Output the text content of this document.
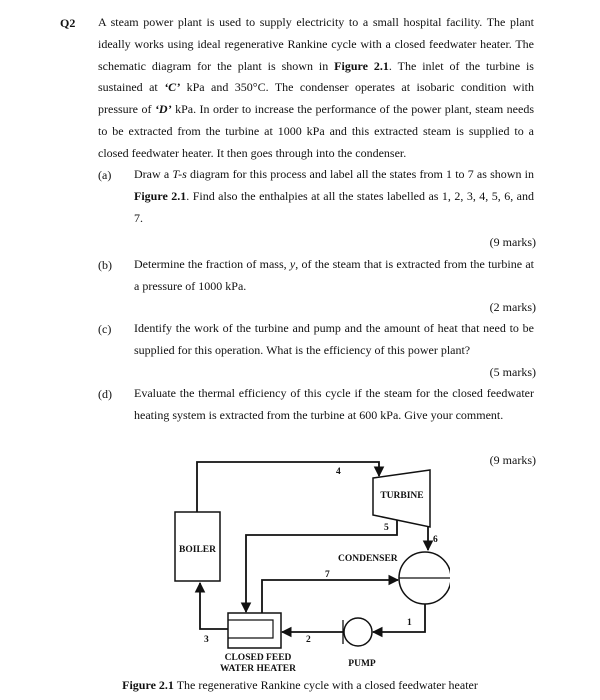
Q2 A steam power plant is used to supply electricity to a small hospital facility. The plant ideally works using ideal regenerative Rankine cycle with a closed feedwater heater. The schematic diagram for the plant is shown in Figure 2.1. The inlet of the turbine is sustained at ‘C’ kPa and 350°C. The condenser operates at isobaric condition with pressure of ‘D’ kPa. In order to increase the performance of the power plant, steam needs to be extracted from the turbine at 1000 kPa and this extracted steam is supplied to a closed feedwater heater. It then goes through into the condenser.
(a) Draw a T-s diagram for this process and label all the states from 1 to 7 as shown in Figure 2.1. Find also the enthalpies at all the states labelled as 1, 2, 3, 4, 5, 6, and 7.
(9 marks)
(b) Determine the fraction of mass, y, of the steam that is extracted from the turbine at a pressure of 1000 kPa.
(2 marks)
(c) Identify the work of the turbine and pump and the amount of heat that need to be supplied for this operation. What is the efficiency of this power plant?
(5 marks)
(d) Evaluate the thermal efficiency of this cycle if the steam for the closed feedwater heating system is extracted from the turbine at 600 kPa. Give your comment.
(9 marks)
BOILER
TURBINE
CONDENSER
CLOSED FEED
WATER HEATER	PUMP
1
2
3
4
5
6
7
Figure 2.1 The regenerative Rankine cycle with a closed feedwater heater
